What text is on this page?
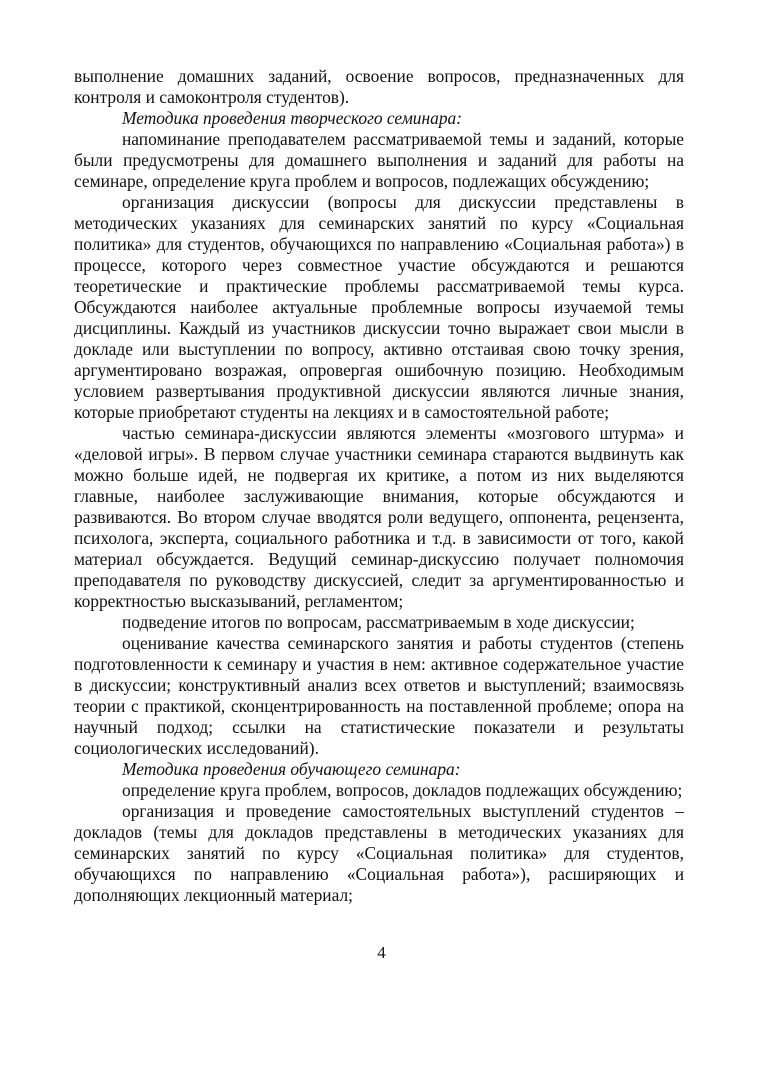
выполнение домашних заданий, освоение вопросов, предназначенных для контроля и самоконтроля студентов).

Методика проведения творческого семинара:

напоминание преподавателем рассматриваемой темы и заданий, которые были предусмотрены для домашнего выполнения и заданий для работы на семинаре, определение круга проблем и вопросов, подлежащих обсуждению;

организация дискуссии (вопросы для дискуссии представлены в методических указаниях для семинарских занятий по курсу «Социальная политика» для студентов, обучающихся по направлению «Социальная работа») в процессе, которого через совместное участие обсуждаются и решаются теоретические и практические проблемы рассматриваемой темы курса. Обсуждаются наиболее актуальные проблемные вопросы изучаемой темы дисциплины. Каждый из участников дискуссии точно выражает свои мысли в докладе или выступлении по вопросу, активно отстаивая свою точку зрения, аргументировано возражая, опровергая ошибочную позицию. Необходимым условием развертывания продуктивной дискуссии являются личные знания, которые приобретают студенты на лекциях и в самостоятельной работе;

частью семинара-дискуссии являются элементы «мозгового штурма» и «деловой игры». В первом случае участники семинара стараются выдвинуть как можно больше идей, не подвергая их критике, а потом из них выделяются главные, наиболее заслуживающие внимания, которые обсуждаются и развиваются. Во втором случае вводятся роли ведущего, оппонента, рецензента, психолога, эксперта, социального работника и т.д. в зависимости от того, какой материал обсуждается. Ведущий семинар-дискуссию получает полномочия преподавателя по руководству дискуссией, следит за аргументированностью и корректностью высказываний, регламентом;

подведение итогов по вопросам, рассматриваемым в ходе дискуссии;

оценивание качества семинарского занятия и работы студентов (степень подготовленности к семинару и участия в нем: активное содержательное участие в дискуссии; конструктивный анализ всех ответов и выступлений; взаимосвязь теории с практикой, сконцентрированность на поставленной проблеме; опора на научный подход; ссылки на статистические показатели и результаты социологических исследований).

Методика проведения обучающего семинара:

определение круга проблем, вопросов, докладов подлежащих обсуждению;

организация и проведение самостоятельных выступлений студентов – докладов (темы для докладов представлены в методических указаниях для семинарских занятий по курсу «Социальная политика» для студентов, обучающихся по направлению «Социальная работа»), расширяющих и дополняющих лекционный материал;

4
